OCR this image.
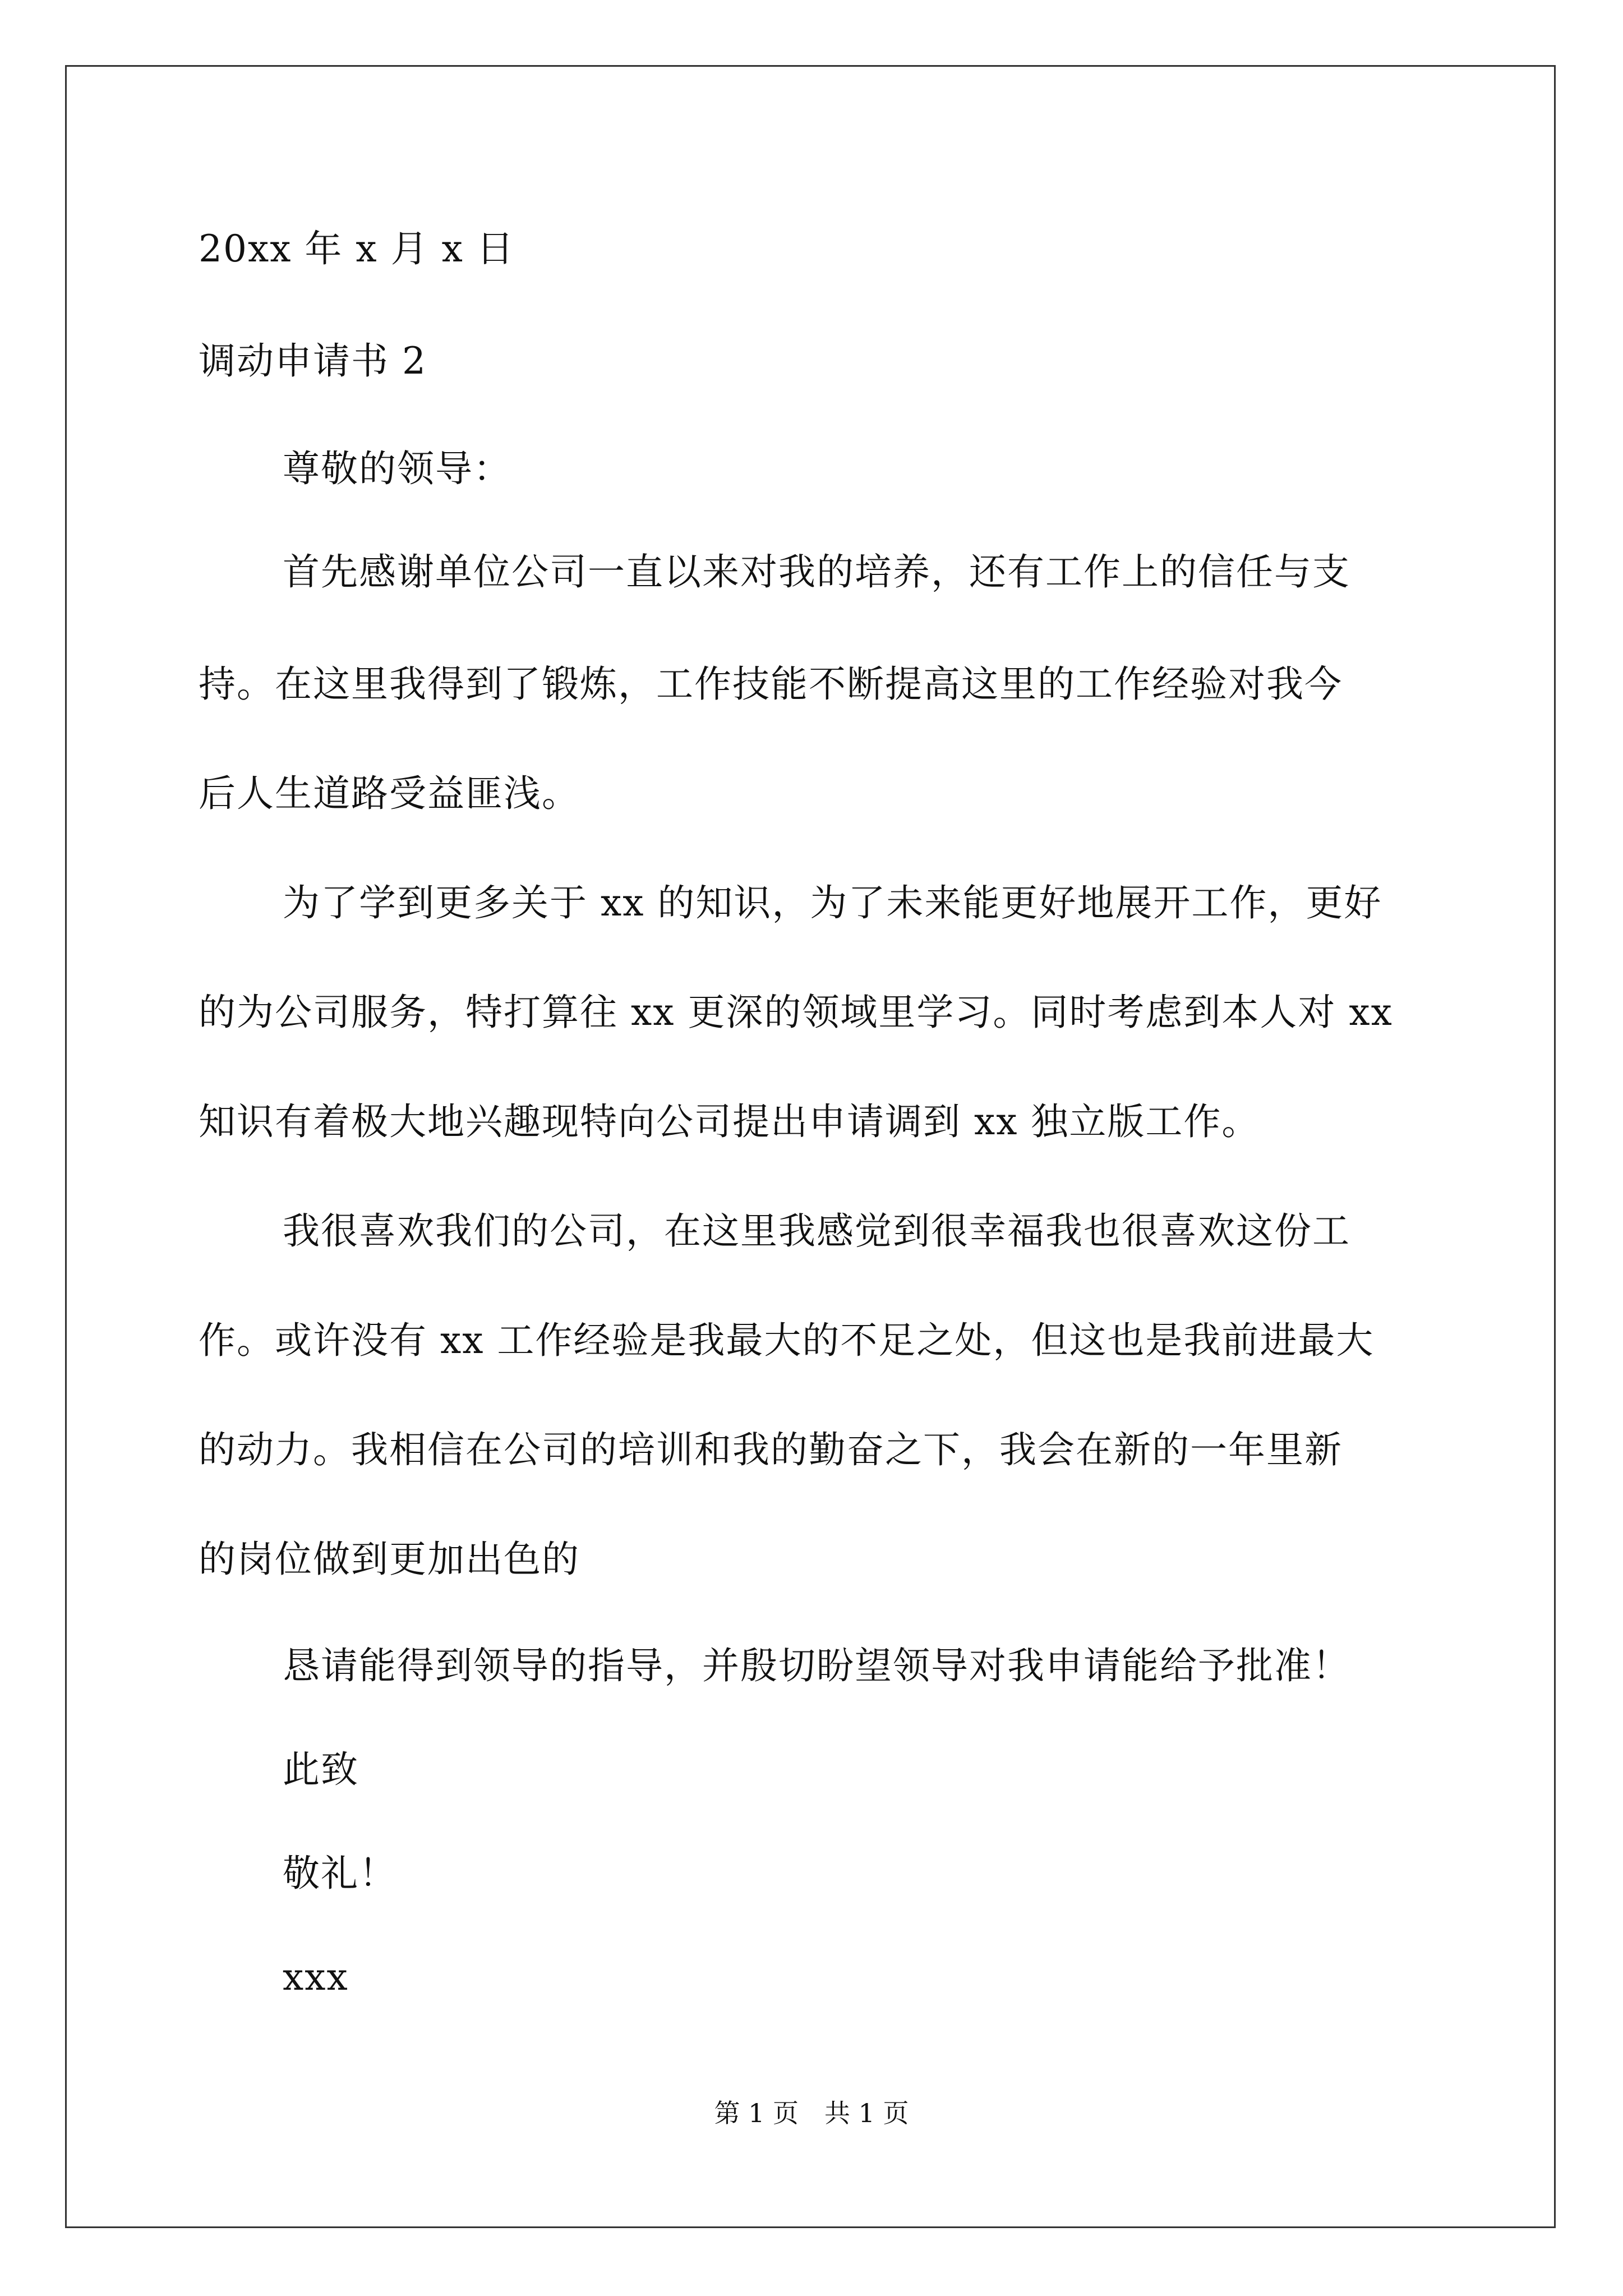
20xx 年 x 月 x 日
调动申请书 2
尊敬的领导：
首先感谢单位公司一直以来对我的培养，还有工作上的信任与支
持。在这里我得到了锻炼，工作技能不断提高这里的工作经验对我今
后人生道路受益匪浅。
为了学到更多关于 xx 的知识，为了未来能更好地展开工作，更好
的为公司服务，特打算往 xx 更深的领域里学习。同时考虑到本人对 xx
知识有着极大地兴趣现特向公司提出申请调到 xx 独立版工作。
我很喜欢我们的公司，在这里我感觉到很幸福我也很喜欢这份工
作。或许没有 xx 工作经验是我最大的不足之处，但这也是我前进最大
的动力。我相信在公司的培训和我的勤奋之下，我会在新的一年里新
的岗位做到更加出色的
恳请能得到领导的指导，并殷切盼望领导对我申请能给予批准！
此致
敬礼！
xxx
第 1 页　共 1 页
